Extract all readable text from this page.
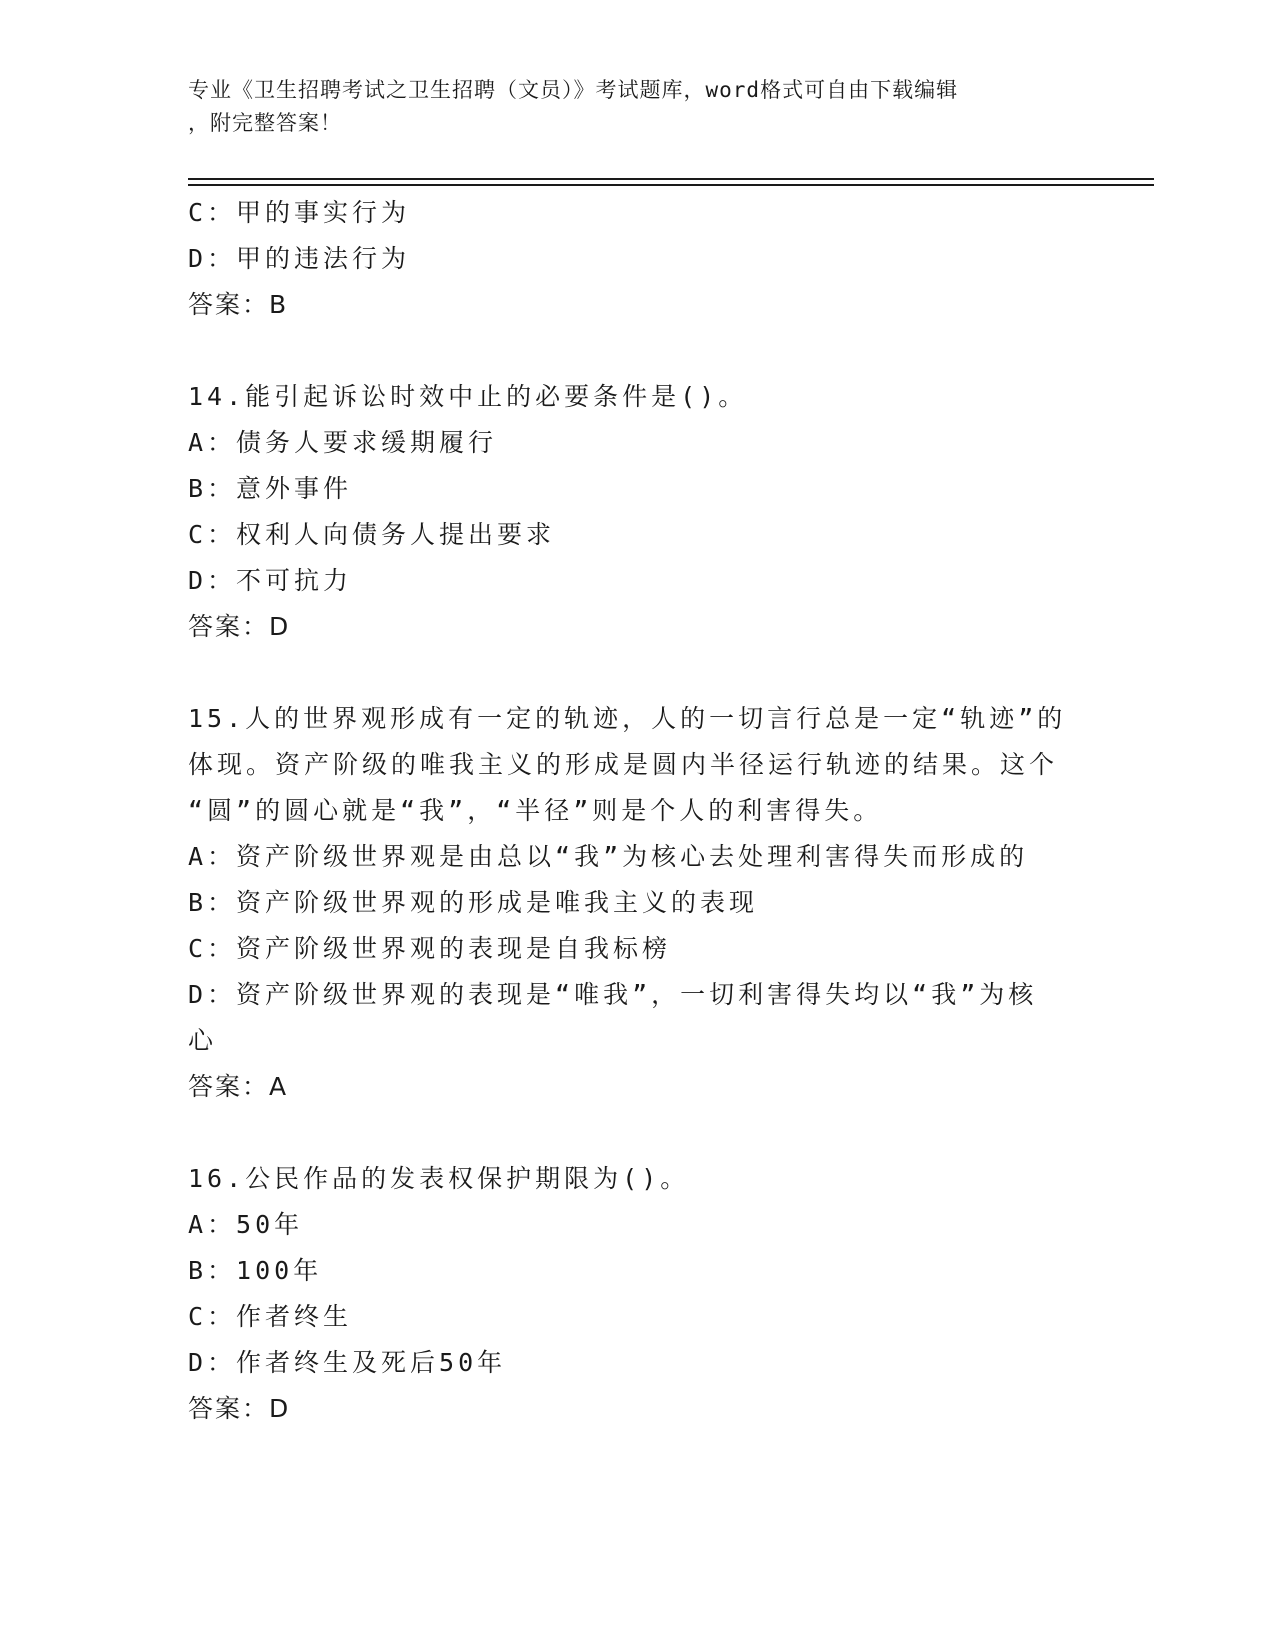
专业《卫生招聘考试之卫生招聘（文员）》考试题库，word格式可自由下载编辑
，附完整答案！
C：甲的事实行为
D：甲的违法行为
答案：B
14.能引起诉讼时效中止的必要条件是()。
A：债务人要求缓期履行
B：意外事件
C：权利人向债务人提出要求
D：不可抗力
答案：D
15.人的世界观形成有一定的轨迹，人的一切言行总是一定“轨迹”的
体现。资产阶级的唯我主义的形成是圆内半径运行轨迹的结果。这个
“圆”的圆心就是“我”，“半径”则是个人的利害得失。
A：资产阶级世界观是由总以“我”为核心去处理利害得失而形成的
B：资产阶级世界观的形成是唯我主义的表现
C：资产阶级世界观的表现是自我标榜
D：资产阶级世界观的表现是“唯我”，一切利害得失均以“我”为核
心
答案：A
16.公民作品的发表权保护期限为()。
A：50年
B：100年
C：作者终生
D：作者终生及死后50年
答案：D
